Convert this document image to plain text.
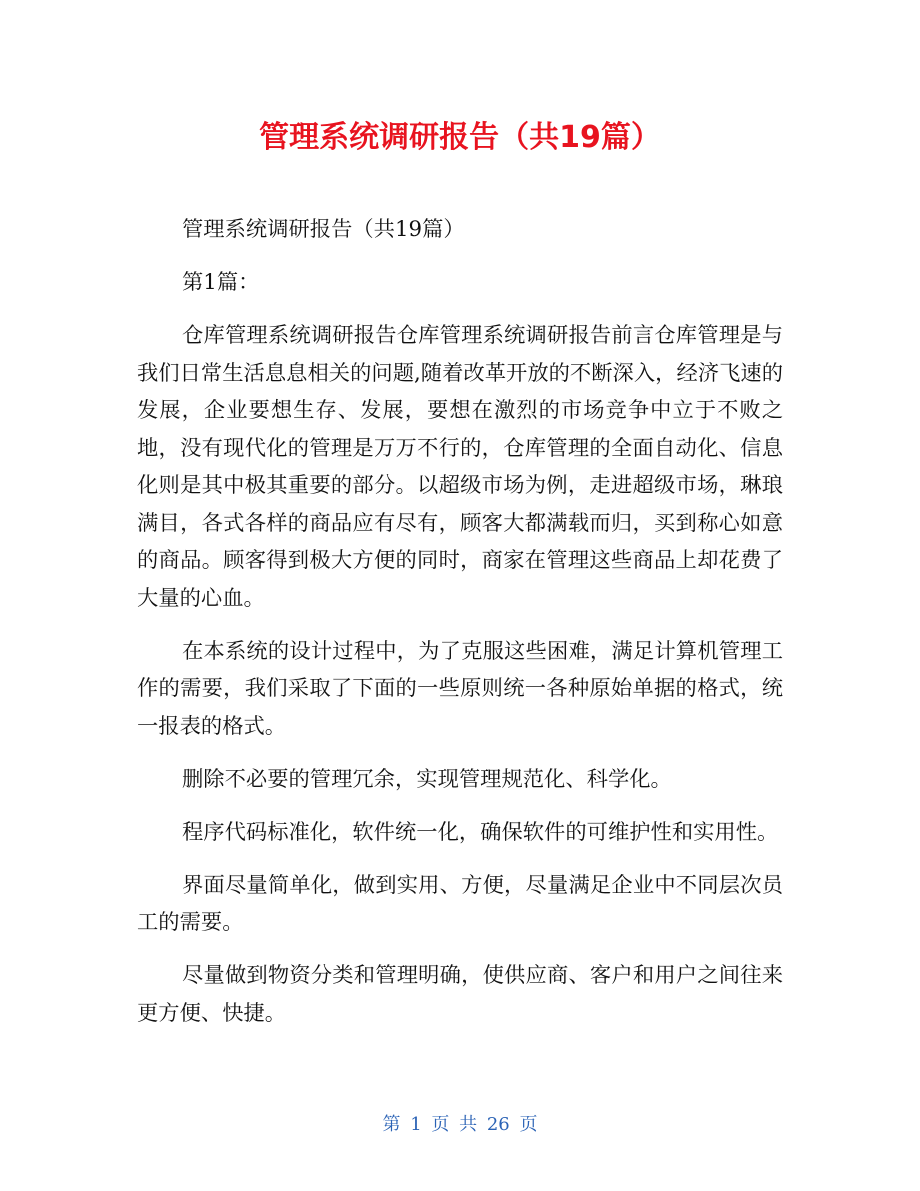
管理系统调研报告（共19篇）

管理系统调研报告（共19篇）

第1篇：

仓库管理系统调研报告仓库管理系统调研报告前言仓库管理是与我们日常生活息息相关的问题,随着改革开放的不断深入，经济飞速的发展，企业要想生存、发展，要想在激烈的市场竞争中立于不败之地，没有现代化的管理是万万不行的，仓库管理的全面自动化、信息化则是其中极其重要的部分。以超级市场为例，走进超级市场，琳琅满目，各式各样的商品应有尽有，顾客大都满载而归，买到称心如意的商品。顾客得到极大方便的同时，商家在管理这些商品上却花费了大量的心血。

在本系统的设计过程中，为了克服这些困难，满足计算机管理工作的需要，我们采取了下面的一些原则统一各种原始单据的格式，统一报表的格式。

删除不必要的管理冗余，实现管理规范化、科学化。

程序代码标准化，软件统一化，确保软件的可维护性和实用性。

界面尽量简单化，做到实用、方便，尽量满足企业中不同层次员工的需要。

尽量做到物资分类和管理明确，使供应商、客户和用户之间往来更方便、快捷。

第 1 页 共 26 页
